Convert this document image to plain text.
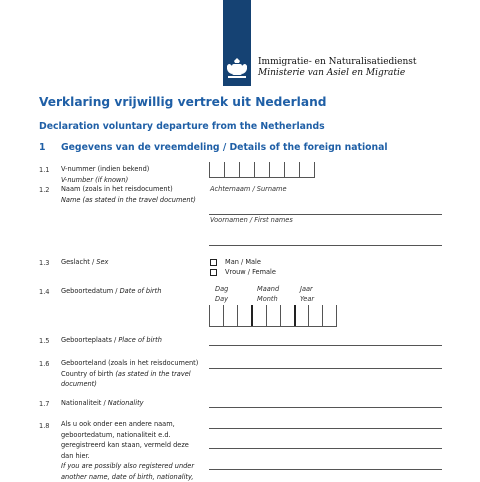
Immigratie- en Naturalisatiedienst
Ministerie van Asiel en Migratie
Verklaring vrijwillig vertrek uit Nederland
Declaration voluntary departure from the Netherlands
1 Gegevens van de vreemdeling / Details of the foreign national
1.1 V-nummer (indien bekend)
V-number (if known)
1.2 Naam (zoals in het reisdocument)
Name (as stated in the travel document)
Achternaam / Surname
Voornamen / First names
1.3 Geslacht / Sex	Man / Male
Vrouw / Female
1.4 Geboortedatum / Date of birth	Dag
Day
Maand
Month
Jaar
Year
1.5 Geboorteplaats / Place of birth
1.6 Geboorteland (zoals in het reisdocument)
Country of birth (as stated in the travel document)
1.7 Nationaliteit / Nationality
1.8 Als u ook onder een andere naam, geboortedatum, nationaliteit e.d. geregistreerd kan staan, vermeld deze dan hier.
If you are possibly also registered under another name, date of birth, nationality,
